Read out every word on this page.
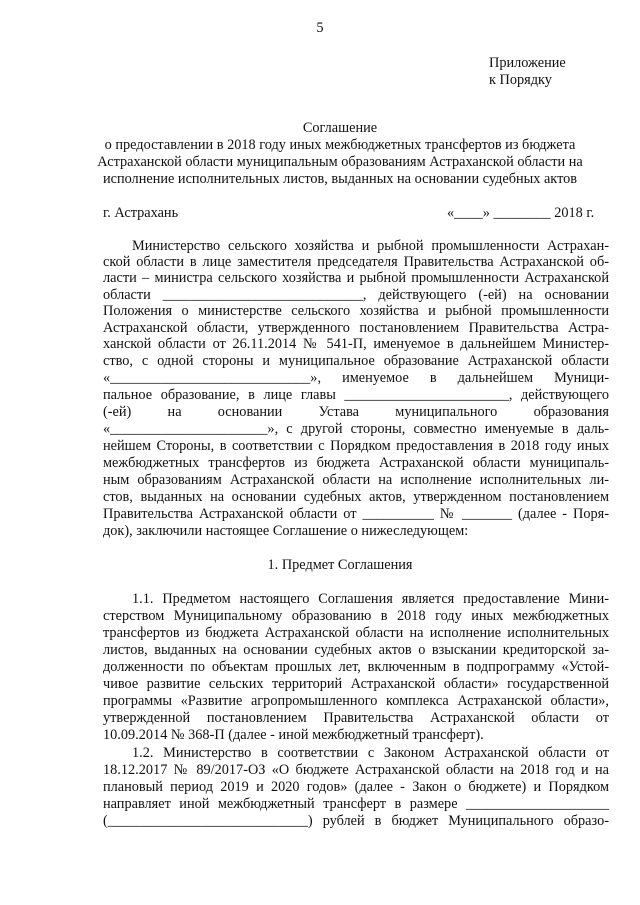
5
Приложение
к Порядку
Соглашение
о предоставлении в 2018 году иных межбюджетных трансфертов из бюджета
Астраханской области муниципальным образованиям Астраханской области на
исполнение исполнительных листов, выданных на основании судебных актов
г. Астрахань	«____» ________ 2018 г.
Министерство сельского хозяйства и рыбной промышленности Астрахан-
ской области в лице заместителя председателя Правительства Астраханской об-
ласти – министра сельского хозяйства и рыбной промышленности Астраханской
области ____________________________, действующего (-ей) на основании
Положения о министерстве сельского хозяйства и рыбной промышленности
Астраханской области, утвержденного постановлением Правительства Астра-
ханской области от 26.11.2014 № 541-П, именуемое в дальнейшем Министер-
ство, с одной стороны и муниципальное образование Астраханской области
«____________________________», именуемое в дальнейшем Муници-
пальное образование, в лице главы _______________________, действующего
(-ей) на основании Устава муниципального образования
«______________________», с другой стороны, совместно именуемые в даль-
нейшем Стороны, в соответствии с Порядком предоставления в 2018 году иных
межбюджетных трансфертов из бюджета Астраханской области муниципаль-
ным образованиям Астраханской области на исполнение исполнительных ли-
стов, выданных на основании судебных актов, утвержденном постановлением
Правительства Астраханской области от __________ № _______ (далее - Поря-
док), заключили настоящее Соглашение о нижеследующем:
1. Предмет Соглашения
1.1. Предметом настоящего Соглашения является предоставление Мини-
стерством Муниципальному образованию в 2018 году иных межбюджетных
трансфертов из бюджета Астраханской области на исполнение исполнительных
листов, выданных на основании судебных актов о взыскании кредиторской за-
долженности по объектам прошлых лет, включенным в подпрограмму «Устой-
чивое развитие сельских территорий Астраханской области» государственной
программы «Развитие агропромышленного комплекса Астраханской области»,
утвержденной постановлением Правительства Астраханской области от
10.09.2014 № 368-П (далее - иной межбюджетный трансферт).
1.2. Министерство в соответствии с Законом Астраханской области от
18.12.2017 № 89/2017-ОЗ «О бюджете Астраханской области на 2018 год и на
плановый период 2019 и 2020 годов» (далее - Закон о бюджете) и Порядком
направляет иной межбюджетный трансферт в размере ____________________
(____________________________) рублей в бюджет Муниципального образо-
